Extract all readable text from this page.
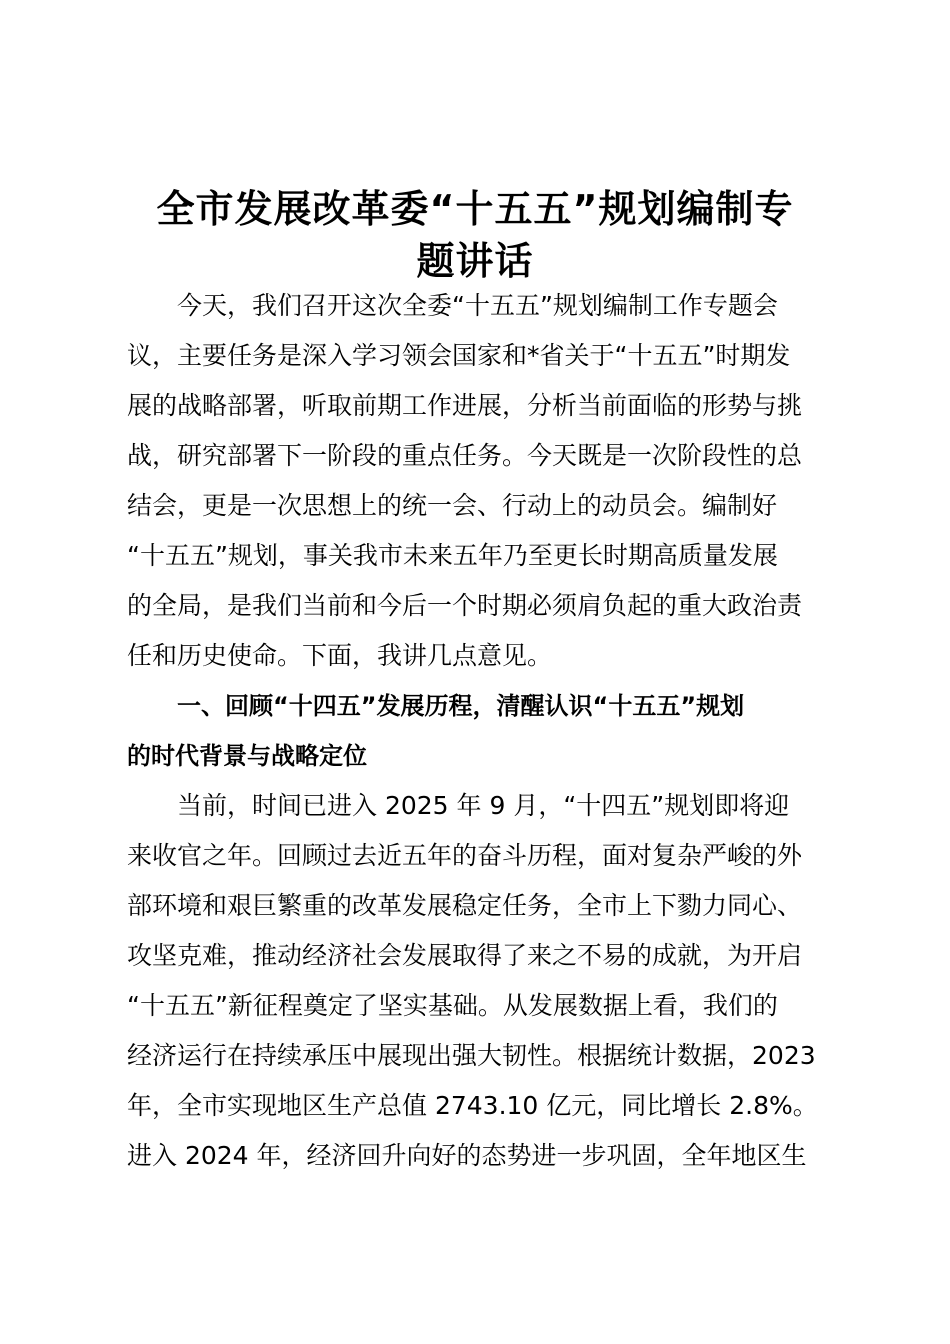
全市发展改革委“十五五”规划编制专
题讲话
今天，我们召开这次全委“十五五”规划编制工作专题会
议，主要任务是深入学习领会国家和*省关于“十五五”时期发
展的战略部署，听取前期工作进展，分析当前面临的形势与挑
战，研究部署下一阶段的重点任务。今天既是一次阶段性的总
结会，更是一次思想上的统一会、行动上的动员会。编制好
“十五五”规划，事关我市未来五年乃至更长时期高质量发展
的全局，是我们当前和今后一个时期必须肩负起的重大政治责
任和历史使命。下面，我讲几点意见。
一、回顾“十四五”发展历程，清醒认识“十五五”规划
的时代背景与战略定位
当前，时间已进入 2025 年 9 月，“十四五”规划即将迎
来收官之年。回顾过去近五年的奋斗历程，面对复杂严峻的外
部环境和艰巨繁重的改革发展稳定任务，全市上下勠力同心、
攻坚克难，推动经济社会发展取得了来之不易的成就，为开启
“十五五”新征程奠定了坚实基础。从发展数据上看，我们的
经济运行在持续承压中展现出强大韧性。根据统计数据，2023
年，全市实现地区生产总值 2743.10 亿元，同比增长 2.8%。
进入 2024 年，经济回升向好的态势进一步巩固，全年地区生
